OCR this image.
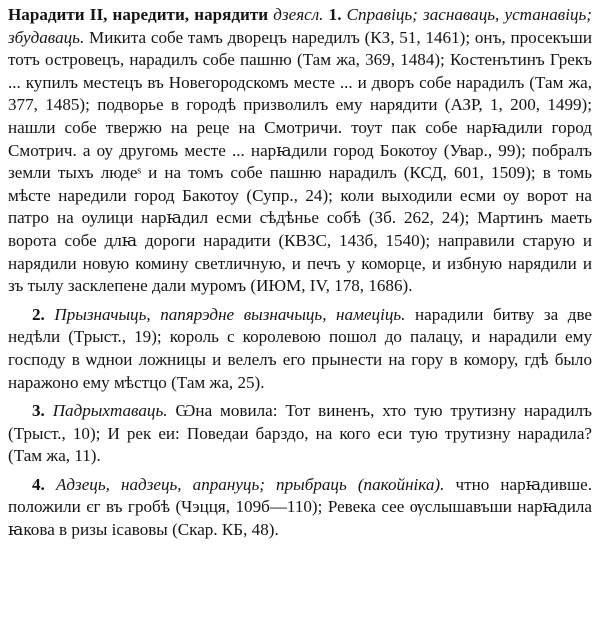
Нарадити II, нарeдити, нарядити дзеясл. 1. Справіць; заснаваць, устанавіць; збудаваць. Микита собе тамъ дворецъ нарeдилъ (КЗ, 51, 1461); онъ, просекъши тотъ островецъ, нарадилъ собе пашню (Там жа, 369, 1484); Костенътинъ Грекъ ... купилъ местецъ въ Новегородскомъ месте ... и дворъ собе нарадилъ (Там жа, 377, 1485); подворье в городѣ призволилъ ему нарядити (АЗР, 1, 200, 1499); нашли собе твержю на реце на Смотричи. тоут пак собе нарꙗдили город Смотрич. а оу другомь месте ... нарꙗдили город Бокотоу (Увар., 99); побралъ земли тыхъ людеˢ и на томъ собе пашню нарадилъ (КСД, 601, 1509); в томь мѣсте нарeдили город Бакотоу (Супр., 24); коли выходили есми оу ворот на патро на оулици нарꙗдил есми сѣдѣнье собѣ (Зб. 262, 24); Мартинъ маеть ворота собе длꙗ дороги нарадити (КВЗС, 143б, 1540); направили старую и нарядили новую комину светличную, и печъ у коморце, и избную нарядили и зъ тылу засклепене дали муромъ (ИЮМ, IV, 178, 1686).

2. Прызначыць, папярэдне вызначыць, намеціць. нарадили битву за две недѣли (Трыст., 19); король с королевою пошол до палацу, и нарадили ему господу в ѡднои ложницы и велелъ его прынести на гору в комору, гдѣ было наражоно ему мѣстцо (Там жа, 25).

3. Падрыхтаваць. Ѡна мовила: Тот виненъ, хто тую трутизну нарадилъ (Трыст., 10); И рек еи: Поведаи барздо, на кого еси тую трутизну нарадила? (Там жа, 11).

4. Адзець, надзець, апрануць; прыбраць (пакойніка). чтно нарꙗдивше. положили єг въ гробѣ (Чэцця, 109б—110); Ревека сее ѹслышавъши нарꙗдила ꙗкова в ризы ісавовы (Скар. КБ, 48).
